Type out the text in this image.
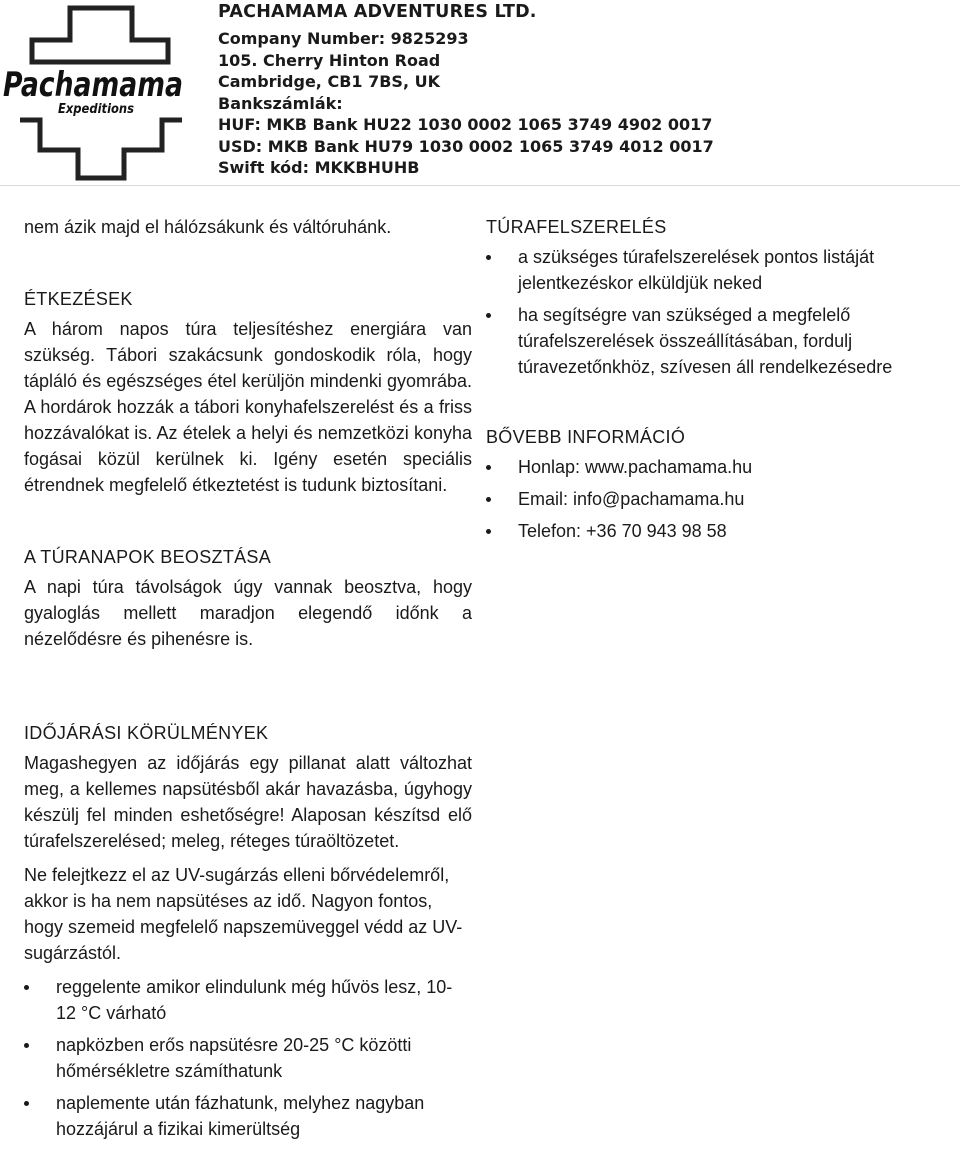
Pachamama
Expeditions
PACHAMAMA ADVENTURES LTD.
Company Number: 9825293
105. Cherry Hinton Road
Cambridge, CB1 7BS, UK
Bankszámlák:
HUF: MKB Bank HU22 1030 0002 1065 3749 4902 0017
USD: MKB Bank HU79 1030 0002 1065 3749 4012 0017
Swift kód: MKKBHUHB

nem ázik majd el hálózsákunk és váltóruhánk.

ÉTKEZÉSEK

A három napos túra teljesítéshez energiára van szükség. Tábori szakácsunk gondoskodik róla, hogy tápláló és egészséges étel kerüljön mindenki gyomrába. A hordárok hozzák a tábori konyhafelszerelést és a friss hozzávalókat is. Az ételek a helyi és nemzetközi konyha fogásai közül kerülnek ki. Igény esetén speciális étrendnek megfelelő étkeztetést is tudunk biztosítani.

A TÚRANAPOK BEOSZTÁSA

A napi túra távolságok úgy vannak beosztva, hogy gyaloglás mellett maradjon elegendő időnk a nézelődésre és pihenésre is.

TÚRAFELSZERELÉS
a szükséges túrafelszerelések pontos listáját jelentkezéskor elküldjük neked
ha segítségre van szükséged a megfelelő túrafelszerelések összeállításában, fordulj túravezetőnkhöz, szívesen áll rendelkezésedre
BŐVEBB INFORMÁCIÓ
Honlap: www.pachamama.hu
Email: info@pachamama.hu
Telefon: +36 70 943 98 58
IDŐJÁRÁSI KÖRÜLMÉNYEK

Magashegyen az időjárás egy pillanat alatt változhat meg, a kellemes napsütésből akár havazásba, úgyhogy készülj fel minden eshetőségre! Alaposan készítsd elő túrafelszerelésed; meleg, réteges túraöltözetet.

Ne felejtkezz el az UV-sugárzás elleni bőrvédelemről, akkor is ha nem napsütéses az idő. Nagyon fontos, hogy szemeid megfelelő napszemüveggel védd az UV-sugárzástól.

reggelente amikor elindulunk még hűvös lesz, 10-12 °C várható
napközben erős napsütésre 20-25 °C közötti hőmérsékletre számíthatunk
naplemente után fázhatunk, melyhez nagyban hozzájárul a fizikai kimerültség
